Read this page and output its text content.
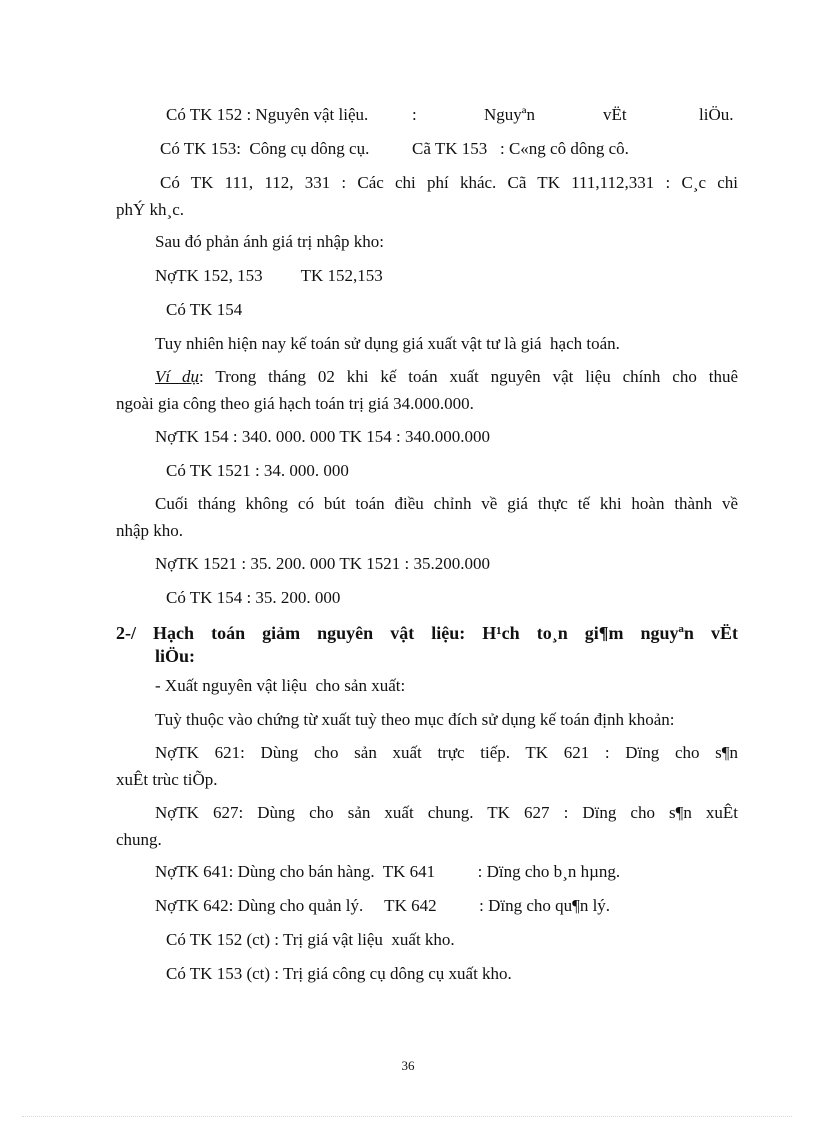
Có TK 152 : Nguyên vật liệu.	:	Nguyªn	vËt	liÖu.
Có TK 153:  Công cụ dông cụ.	Cã TK 153   : C«ng cô dông cô.
Có TK 111, 112, 331 : Các chi phí khác. Cã TK 111,112,331 : C¸c chi
phÝ kh¸c.
Sau đó phản ánh giá trị nhập kho:
NợTK 152, 153         TK 152,153
Có TK 154
Tuy nhiên hiện nay kế toán sử dụng giá xuất vật tư là giá  hạch toán.
Ví dụ: Trong tháng 02 khi kế toán xuất nguyên vật liệu chính cho thuê
ngoài gia công theo giá hạch toán trị giá 34.000.000.
NợTK 154 : 340. 000. 000 TK 154 : 340.000.000
Có TK 1521 : 34. 000. 000
Cuối tháng không có bút toán điều chỉnh về giá thực tế khi hoàn thành về
nhập kho.
NợTK 1521 : 35. 200. 000 TK 1521 : 35.200.000
Có TK 154 : 35. 200. 000
2-/ Hạch toán giảm nguyên vật liệu: H¹ch to¸n gi¶m nguyªn vËt
liÖu:
- Xuất nguyên vật liệu  cho sản xuất:
Tuỳ thuộc vào chứng từ xuất tuỳ theo mục đích sử dụng kế toán định khoản:
NợTK 621: Dùng cho sản xuất trực tiếp. TK 621 : Dïng cho s¶n
xuÊt trùc tiÕp.
NợTK 627: Dùng cho sản xuất chung. TK 627 : Dïng cho s¶n xuÊt
chung.
NợTK 641: Dùng cho bán hàng.  TK 641          : Dïng cho b¸n hµng.
NợTK 642: Dùng cho quản lý.     TK 642          : Dïng cho qu¶n lý.
Có TK 152 (ct) : Trị giá vật liệu  xuất kho.
Có TK 153 (ct) : Trị giá công cụ dông cụ xuất kho.
36
